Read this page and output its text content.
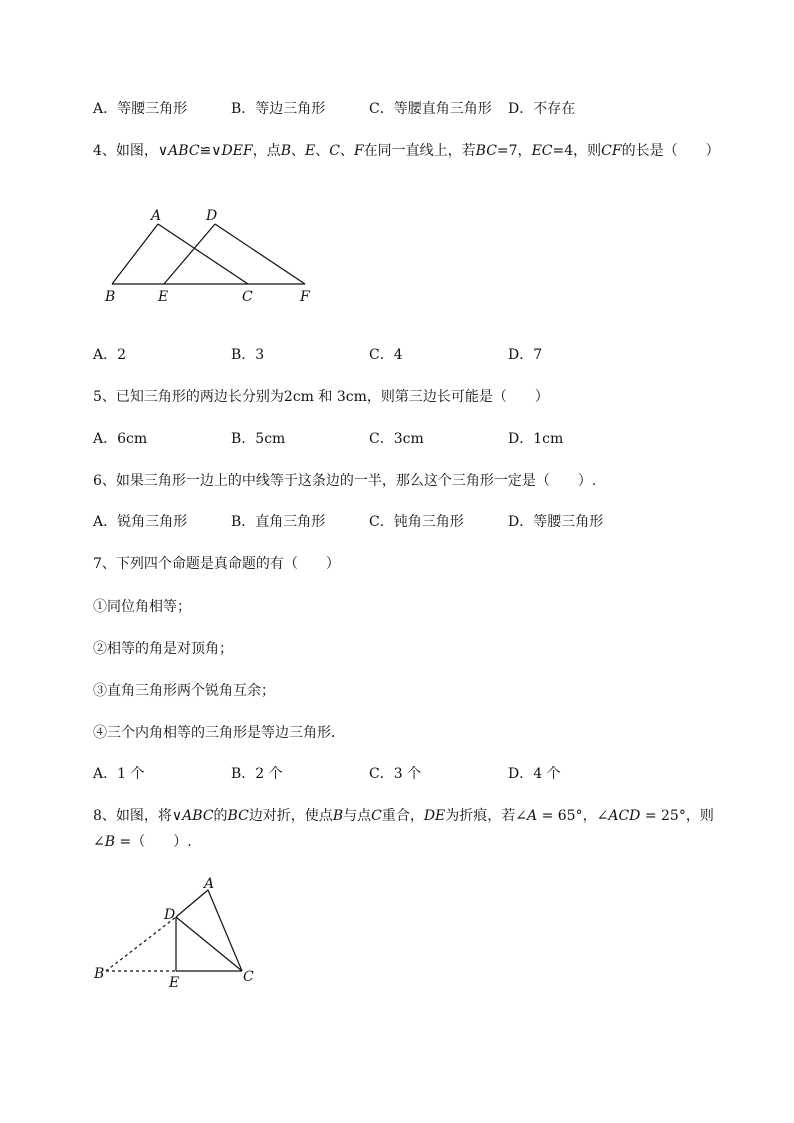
A．等腰三角形	B．等边三角形	C．等腰直角三角形 D．不存在
4、如图，∨ABC≌∨DEF，点B、E、C、F在同一直线上，若BC=7，EC=4，则CF的长是（　　）
A	D
B	E	C	F
A．2	B．3	C．4	D．7
5、已知三角形的两边长分别为2cm 和 3cm，则第三边长可能是（　　）
A．6cm	B．5cm	C．3cm	D．1cm
6、如果三角形一边上的中线等于这条边的一半，那么这个三角形一定是（　　）.
A．锐角三角形	B．直角三角形	C．钝角三角形	D．等腰三角形
7、下列四个命题是真命题的有（　　）
①同位角相等；
②相等的角是对顶角；
③直角三角形两个锐角互余；
④三个内角相等的三角形是等边三角形．
A．1 个	B．2 个	C．3 个	D．4 个
8、如图，将∨ABC的BC边对折，使点B与点C重合，DE为折痕，若∠A = 65°，∠ACD = 25°，则
∠B =（　　）.
A
D
B
E	C
